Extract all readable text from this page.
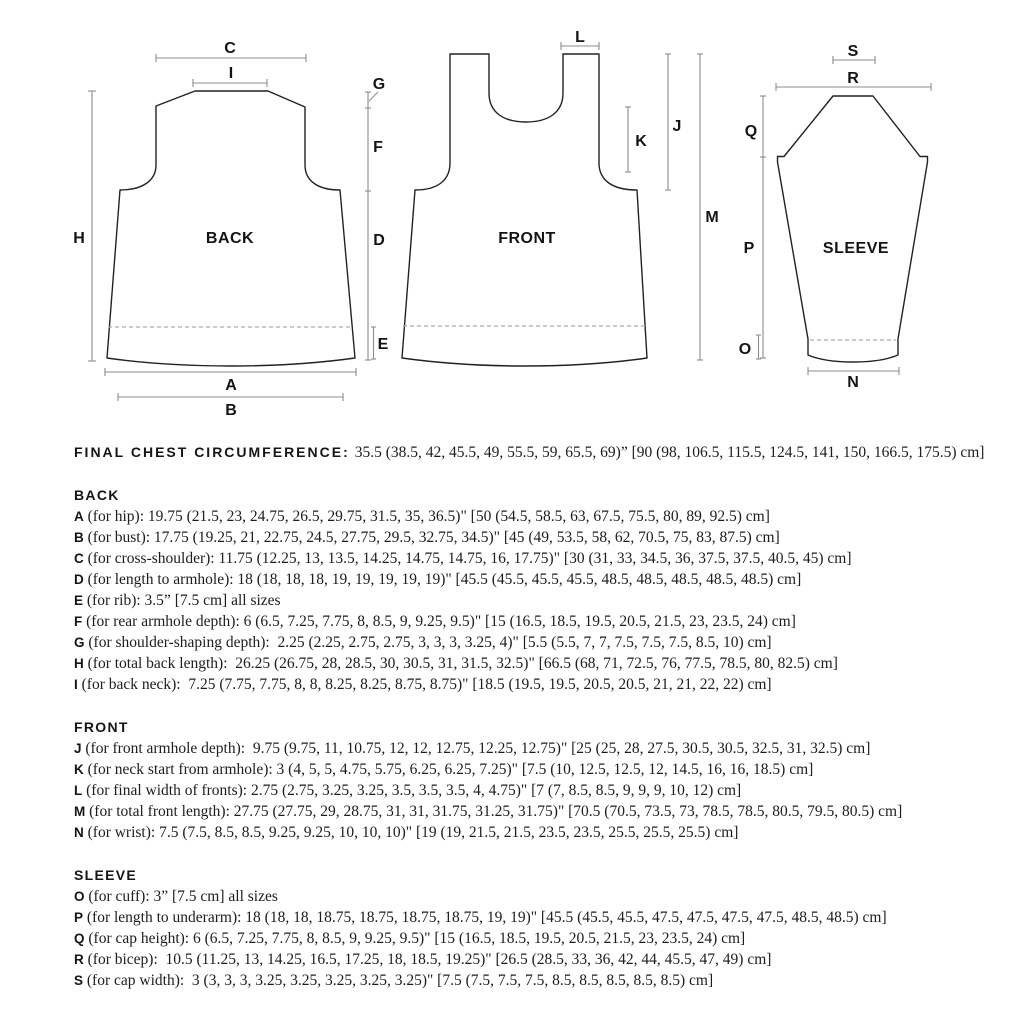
BACK
C
I
H
A
B
G
F
D
E
FRONT
L
K
J
M
SLEEVE
S
R
Q
P
O
N

FINAL CHEST CIRCUMFERENCE: 35.5 (38.5, 42, 45.5, 49, 55.5, 59, 65.5, 69)” [90 (98, 106.5, 115.5, 124.5, 141, 150, 166.5, 175.5) cm]

BACK
A (for hip): 19.75 (21.5, 23, 24.75, 26.5, 29.75, 31.5, 35, 36.5)" [50 (54.5, 58.5, 63, 67.5, 75.5, 80, 89, 92.5) cm]
B (for bust): 17.75 (19.25, 21, 22.75, 24.5, 27.75, 29.5, 32.75, 34.5)" [45 (49, 53.5, 58, 62, 70.5, 75, 83, 87.5) cm]
C (for cross-shoulder): 11.75 (12.25, 13, 13.5, 14.25, 14.75, 14.75, 16, 17.75)" [30 (31, 33, 34.5, 36, 37.5, 37.5, 40.5, 45) cm]
D (for length to armhole): 18 (18, 18, 18, 19, 19, 19, 19, 19)" [45.5 (45.5, 45.5, 45.5, 48.5, 48.5, 48.5, 48.5, 48.5) cm]
E (for rib): 3.5” [7.5 cm] all sizes
F (for rear armhole depth): 6 (6.5, 7.25, 7.75, 8, 8.5, 9, 9.25, 9.5)" [15 (16.5, 18.5, 19.5, 20.5, 21.5, 23, 23.5, 24) cm]
G (for shoulder-shaping depth):  2.25 (2.25, 2.75, 2.75, 3, 3, 3, 3.25, 4)" [5.5 (5.5, 7, 7, 7.5, 7.5, 7.5, 8.5, 10) cm]
H (for total back length):  26.25 (26.75, 28, 28.5, 30, 30.5, 31, 31.5, 32.5)" [66.5 (68, 71, 72.5, 76, 77.5, 78.5, 80, 82.5) cm]
I (for back neck):  7.25 (7.75, 7.75, 8, 8, 8.25, 8.25, 8.75, 8.75)" [18.5 (19.5, 19.5, 20.5, 20.5, 21, 21, 22, 22) cm]
FRONT
J (for front armhole depth):  9.75 (9.75, 11, 10.75, 12, 12, 12.75, 12.25, 12.75)" [25 (25, 28, 27.5, 30.5, 30.5, 32.5, 31, 32.5) cm]
K (for neck start from armhole): 3 (4, 5, 5, 4.75, 5.75, 6.25, 6.25, 7.25)" [7.5 (10, 12.5, 12.5, 12, 14.5, 16, 16, 18.5) cm]
L (for final width of fronts): 2.75 (2.75, 3.25, 3.25, 3.5, 3.5, 3.5, 4, 4.75)" [7 (7, 8.5, 8.5, 9, 9, 9, 10, 12) cm]
M (for total front length): 27.75 (27.75, 29, 28.75, 31, 31, 31.75, 31.25, 31.75)" [70.5 (70.5, 73.5, 73, 78.5, 78.5, 80.5, 79.5, 80.5) cm]
N (for wrist): 7.5 (7.5, 8.5, 8.5, 9.25, 9.25, 10, 10, 10)" [19 (19, 21.5, 21.5, 23.5, 23.5, 25.5, 25.5, 25.5) cm]
SLEEVE
O (for cuff): 3” [7.5 cm] all sizes
P (for length to underarm): 18 (18, 18, 18.75, 18.75, 18.75, 18.75, 19, 19)" [45.5 (45.5, 45.5, 47.5, 47.5, 47.5, 47.5, 48.5, 48.5) cm]
Q (for cap height): 6 (6.5, 7.25, 7.75, 8, 8.5, 9, 9.25, 9.5)" [15 (16.5, 18.5, 19.5, 20.5, 21.5, 23, 23.5, 24) cm]
R (for bicep):  10.5 (11.25, 13, 14.25, 16.5, 17.25, 18, 18.5, 19.25)" [26.5 (28.5, 33, 36, 42, 44, 45.5, 47, 49) cm]
S (for cap width):  3 (3, 3, 3, 3.25, 3.25, 3.25, 3.25, 3.25)" [7.5 (7.5, 7.5, 7.5, 8.5, 8.5, 8.5, 8.5, 8.5) cm]
